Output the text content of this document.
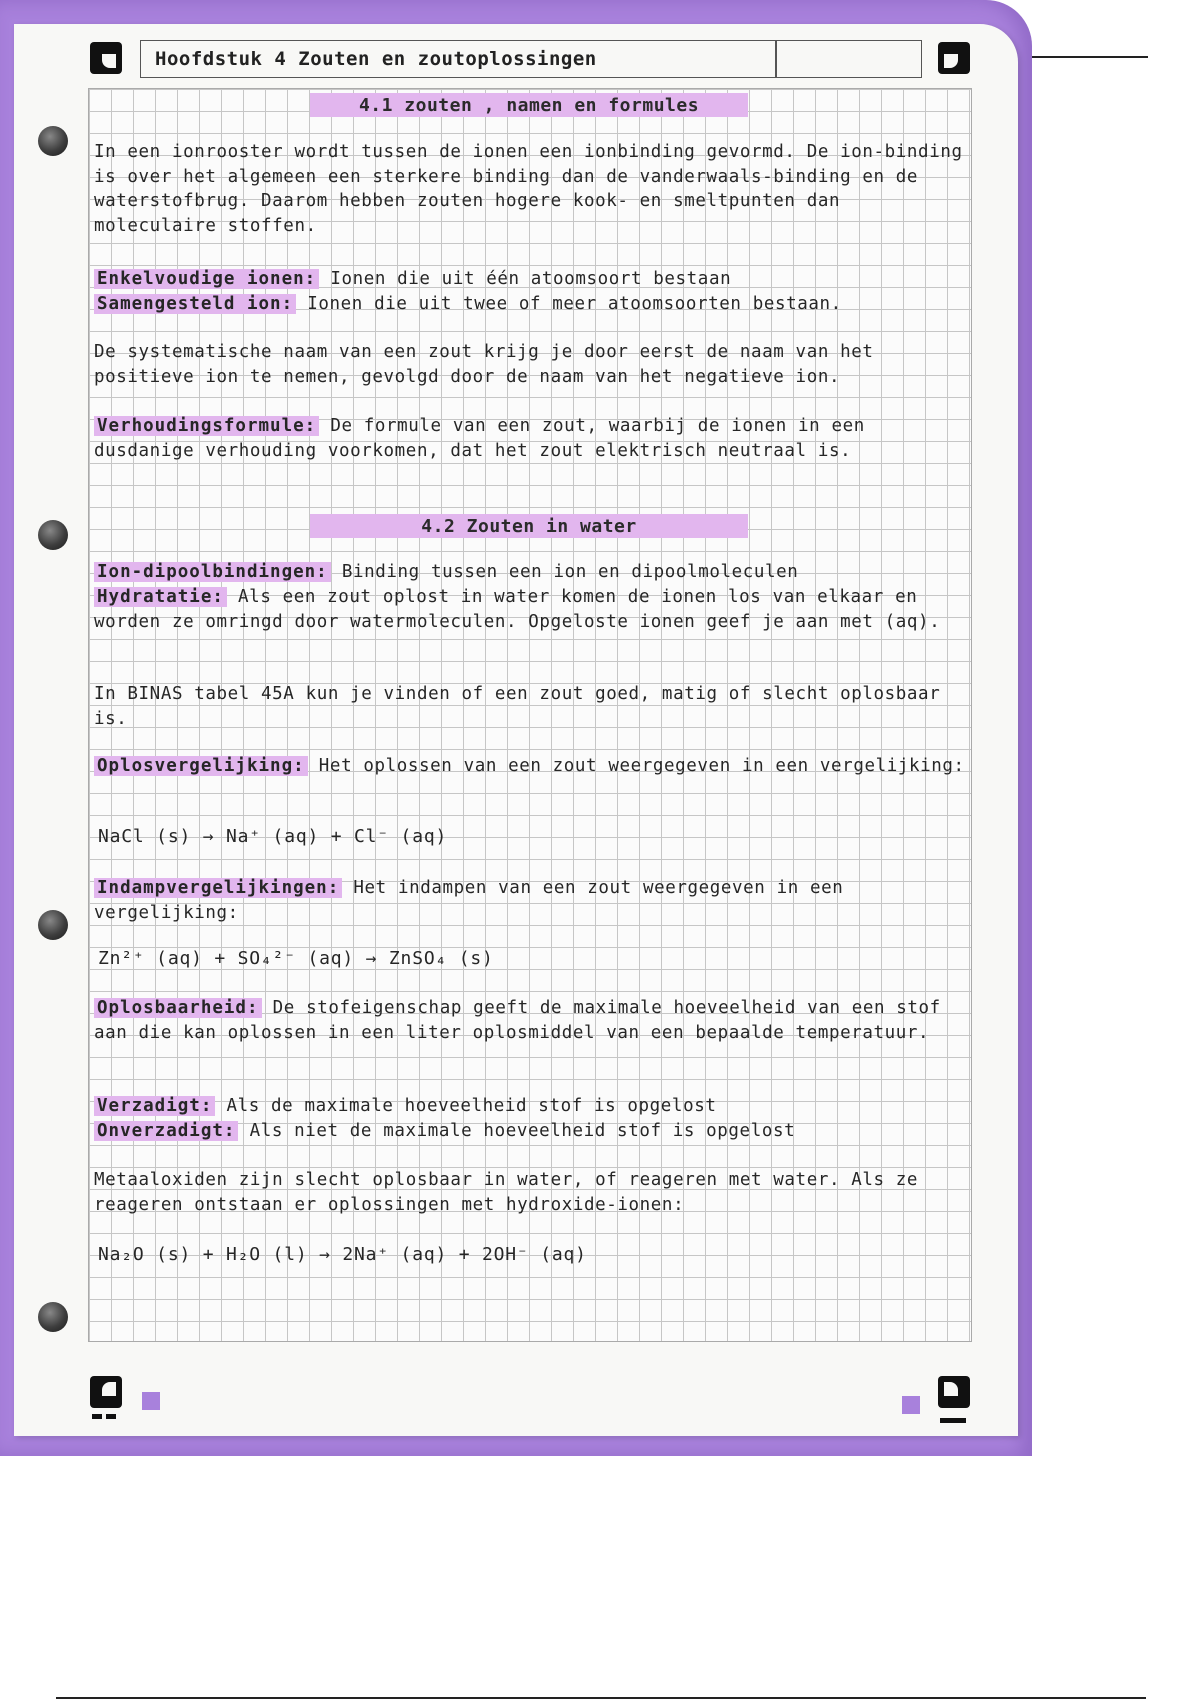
Hoofdstuk 4 Zouten en zoutoplossingen
4.1 zouten , namen en formules
In een ionrooster wordt tussen de ionen een ionbinding gevormd. De ion-binding is over het algemeen een sterkere binding dan de vanderwaals-binding en de waterstofbrug. Daarom hebben zouten hogere kook- en smeltpunten dan moleculaire stoffen.
Enkelvoudige ionen: Ionen die uit één atoomsoort bestaan
Samengesteld ion: Ionen die uit twee of meer atoomsoorten bestaan.
De systematische naam van een zout krijg je door eerst de naam van het positieve ion te nemen, gevolgd door de naam van het negatieve ion.
Verhoudingsformule: De formule van een zout, waarbij de ionen in een dusdanige verhouding voorkomen, dat het zout elektrisch neutraal is.
4.2 Zouten in water
Ion-dipoolbindingen: Binding tussen een ion en dipoolmoleculen
Hydratatie: Als een zout oplost in water komen de ionen los van elkaar en worden ze omringd door watermoleculen. Opgeloste ionen geef je aan met (aq).
In BINAS tabel 45A kun je vinden of een zout goed, matig of slecht oplosbaar is.
Oplosvergelijking: Het oplossen van een zout weergegeven in een vergelijking:
NaCl (s) → Na⁺ (aq) + Cl⁻ (aq)
Indampvergelijkingen: Het indampen van een zout weergegeven in een vergelijking:
Zn²⁺ (aq) + SO₄²⁻ (aq) → ZnSO₄ (s)
Oplosbaarheid: De stofeigenschap geeft de maximale hoeveelheid van een stof aan die kan oplossen in een liter oplosmiddel van een bepaalde temperatuur.
Verzadigt: Als de maximale hoeveelheid stof is opgelost
Onverzadigt: Als niet de maximale hoeveelheid stof is opgelost
Metaaloxiden zijn slecht oplosbaar in water, of reageren met water. Als ze reageren ontstaan er oplossingen met hydroxide-ionen:
Na₂O (s) + H₂O (l) → 2Na⁺ (aq) + 2OH⁻ (aq)
